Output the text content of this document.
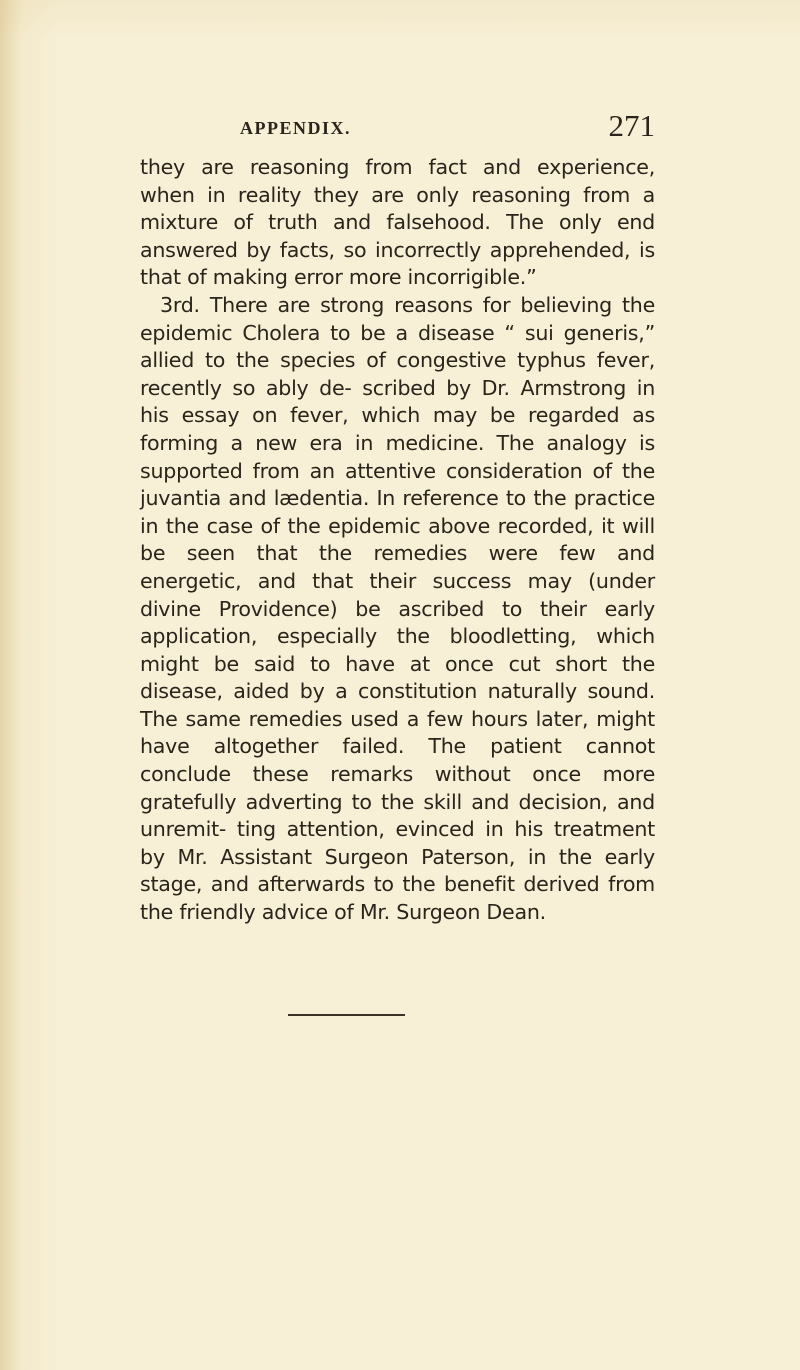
APPENDIX.	271

they are reasoning from fact and experience, when in reality they are only reasoning from a mixture of truth and falsehood. The only end answered by facts, so incorrectly apprehended, is that of making error more incorrigible.”

3rd. There are strong reasons for believing the epidemic Cholera to be a disease “ sui generis,” allied to the species of congestive typhus fever, recently so ably de- scribed by Dr. Armstrong in his essay on fever, which may be regarded as forming a new era in medicine. The analogy is supported from an attentive consideration of the juvantia and lædentia. In reference to the practice in the case of the epidemic above recorded, it will be seen that the remedies were few and energetic, and that their success may (under divine Providence) be ascribed to their early application, especially the bloodletting, which might be said to have at once cut short the disease, aided by a constitution naturally sound. The same remedies used a few hours later, might have altogether failed. The patient cannot conclude these remarks without once more gratefully adverting to the skill and decision, and unremit- ting attention, evinced in his treatment by Mr. Assistant Surgeon Paterson, in the early stage, and afterwards to the benefit derived from the friendly advice of Mr. Surgeon Dean.
